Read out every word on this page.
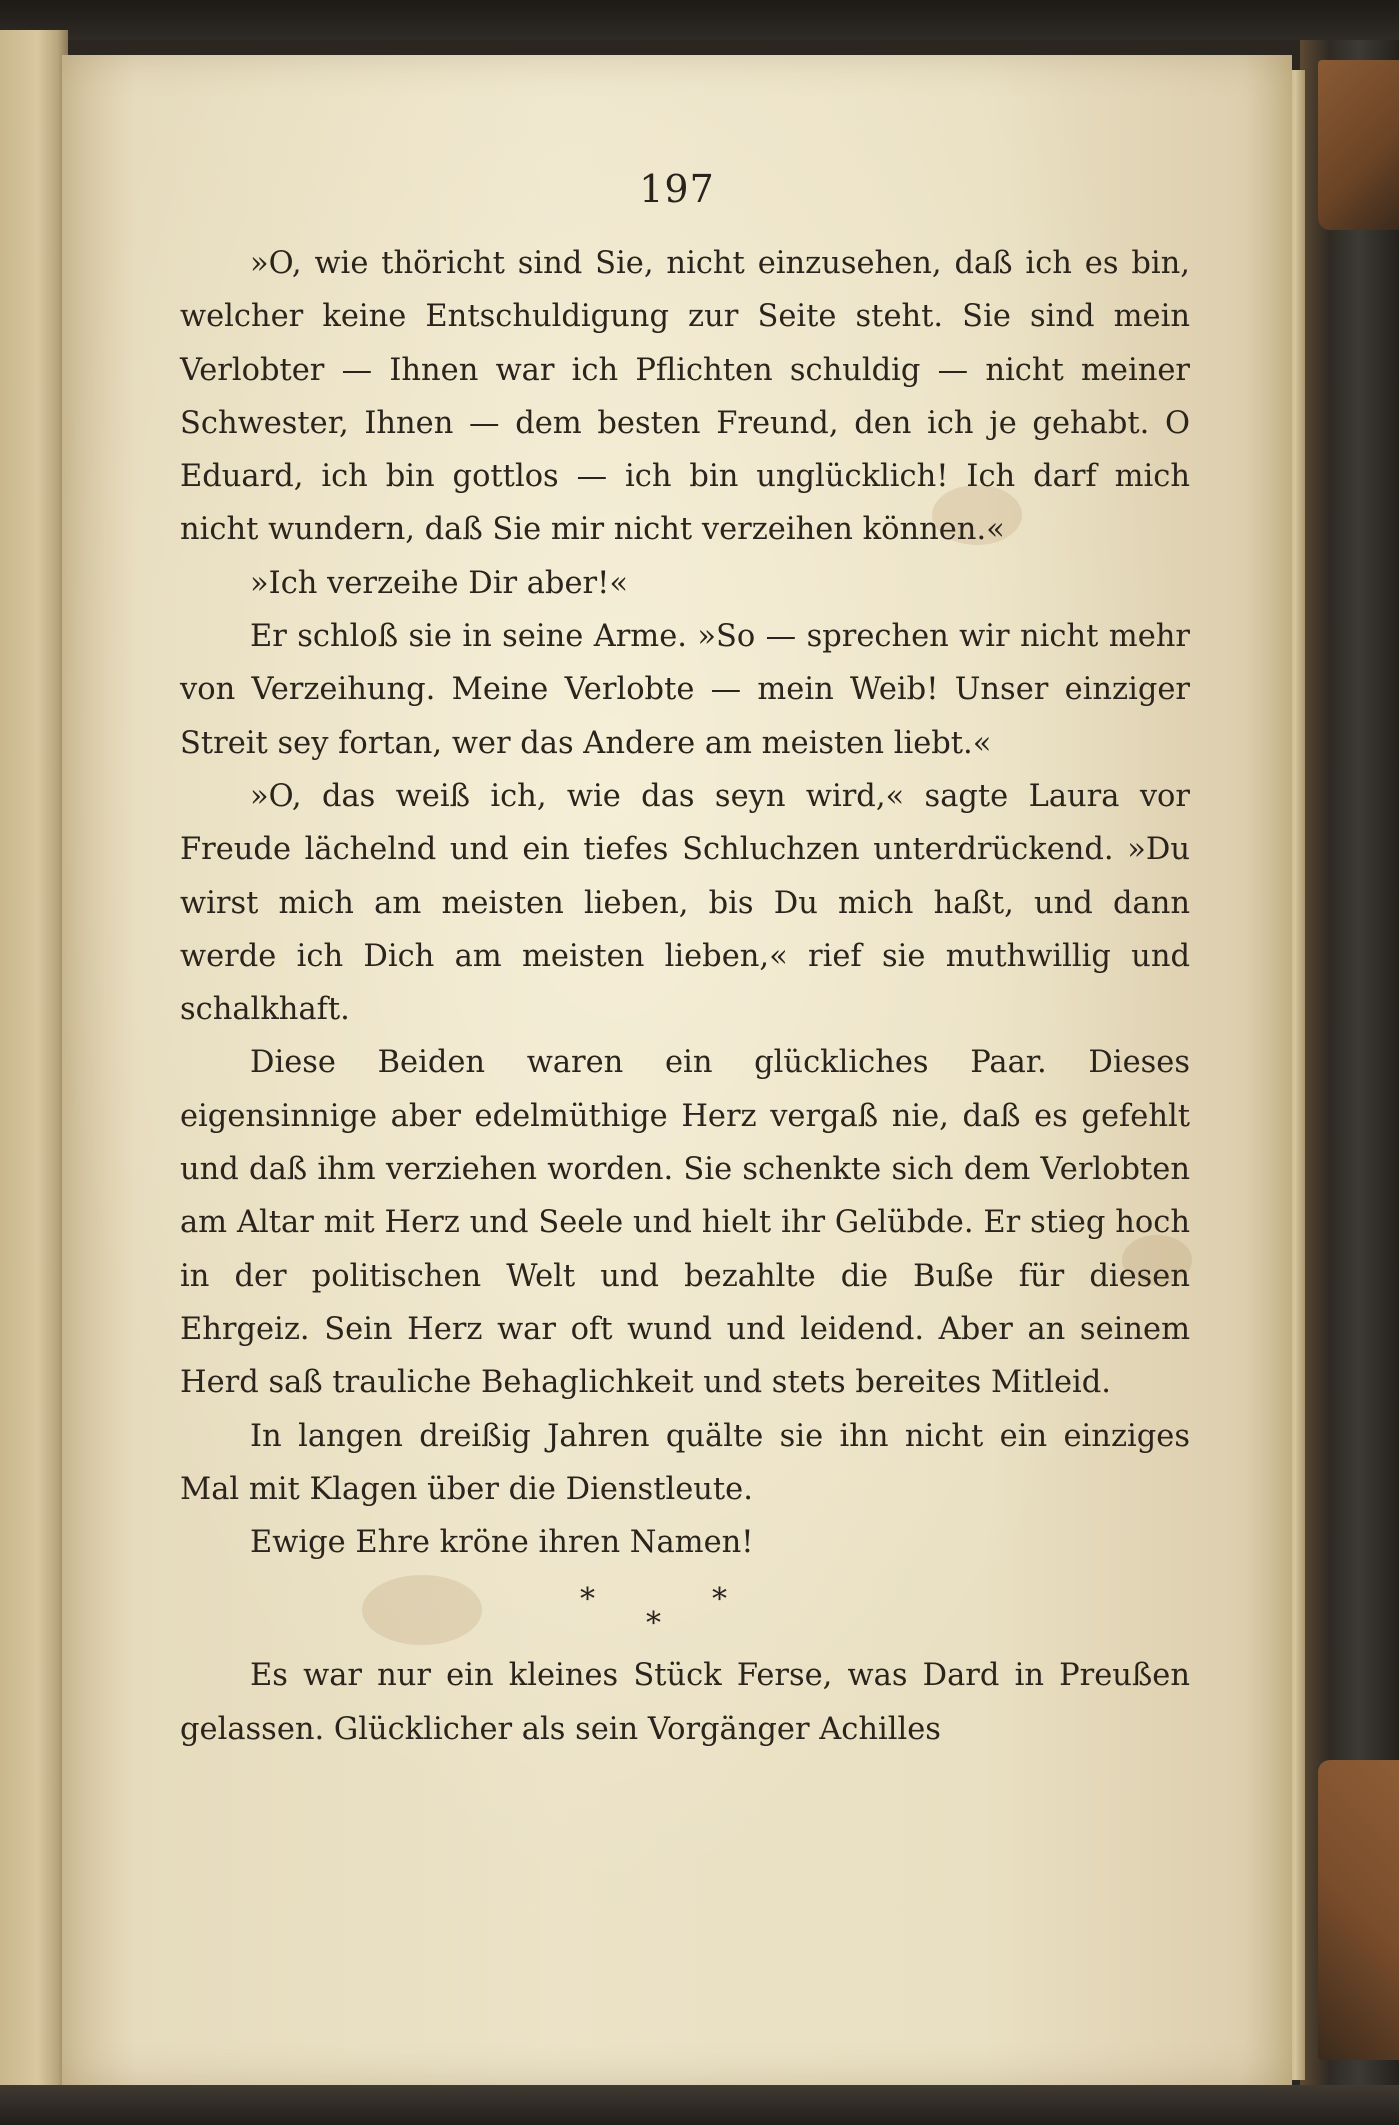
197

»O, wie thöricht sind Sie, nicht einzusehen, daß ich es bin, welcher keine Entschuldigung zur Seite steht. Sie sind mein Verlobter — Ihnen war ich Pflichten schuldig — nicht meiner Schwester, Ihnen — dem besten Freund, den ich je gehabt. O Eduard, ich bin gottlos — ich bin unglücklich! Ich darf mich nicht wundern, daß Sie mir nicht verzeihen können.«

»Ich verzeihe Dir aber!«

Er schloß sie in seine Arme. »So — sprechen wir nicht mehr von Verzeihung. Meine Verlobte — mein Weib! Unser einziger Streit sey fortan, wer das Andere am meisten liebt.«

»O, das weiß ich, wie das seyn wird,« sagte Laura vor Freude lächelnd und ein tiefes Schluchzen unterdrückend. »Du wirst mich am meisten lieben, bis Du mich haßt, und dann werde ich Dich am meisten lieben,« rief sie muthwillig und schalkhaft.

Diese Beiden waren ein glückliches Paar. Dieses eigensinnige aber edelmüthige Herz vergaß nie, daß es gefehlt und daß ihm verziehen worden. Sie schenkte sich dem Verlobten am Altar mit Herz und Seele und hielt ihr Gelübde. Er stieg hoch in der politischen Welt und bezahlte die Buße für diesen Ehrgeiz. Sein Herz war oft wund und leidend. Aber an seinem Herd saß trauliche Behaglichkeit und stets bereites Mitleid.

In langen dreißig Jahren quälte sie ihn nicht ein einziges Mal mit Klagen über die Dienstleute.

Ewige Ehre kröne ihren Namen!

*	*
*

Es war nur ein kleines Stück Ferse, was Dard in Preußen gelassen. Glücklicher als sein Vorgänger Achilles
